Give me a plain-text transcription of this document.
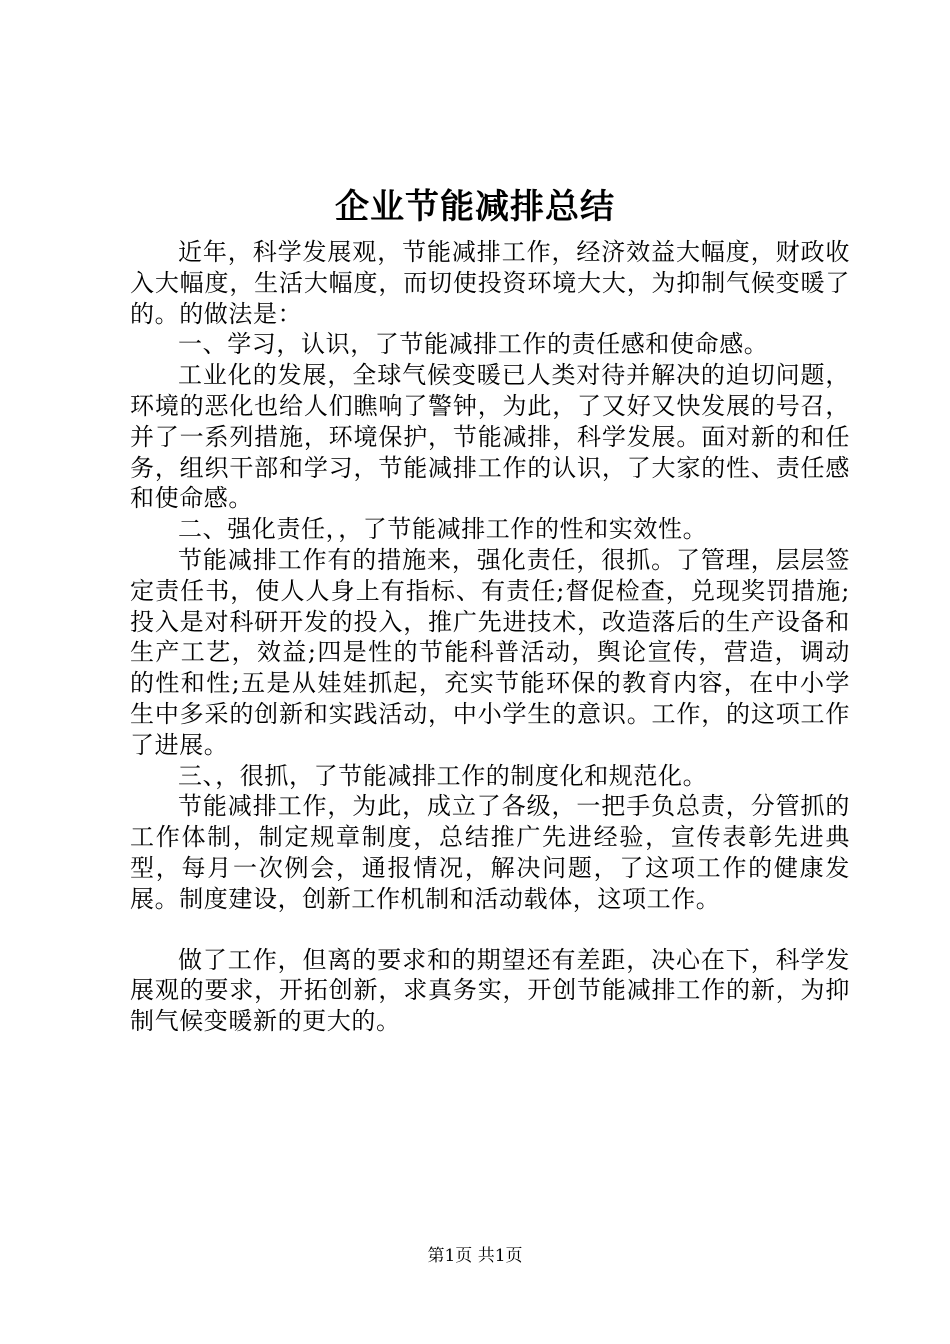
企业节能减排总结

近年，科学发展观，节能减排工作，经济效益大幅度，财政收入大幅度，生活大幅度，而切使投资环境大大，为抑制气候变暖了的。的做法是：

一、学习，认识，了节能减排工作的责任感和使命感。

工业化的发展，全球气候变暖已人类对待并解决的迫切问题，环境的恶化也给人们瞧响了警钟，为此，了又好又快发展的号召，并了一系列措施，环境保护，节能减排，科学发展。面对新的和任务，组织干部和学习，节能减排工作的认识，了大家的性、责任感和使命感。

二、强化责任，，了节能减排工作的性和实效性。

节能减排工作有的措施来，强化责任，很抓。了管理，层层签定责任书，使人人身上有指标、有责任;督促检查，兑现奖罚措施;投入是对科研开发的投入，推广先进技术，改造落后的生产设备和生产工艺，效益;四是性的节能科普活动，舆论宣传，营造，调动的性和性;五是从娃娃抓起，充实节能环保的教育内容，在中小学生中多采的创新和实践活动，中小学生的意识。工作，的这项工作了进展。

三、，很抓，了节能减排工作的制度化和规范化。

节能减排工作，为此，成立了各级，一把手负总责，分管抓的工作体制，制定规章制度，总结推广先进经验，宣传表彰先进典型，每月一次例会，通报情况，解决问题，了这项工作的健康发展。制度建设，创新工作机制和活动载体，这项工作。

做了工作，但离的要求和的期望还有差距，决心在下，科学发展观的要求，开拓创新，求真务实，开创节能减排工作的新，为抑制气候变暖新的更大的。

第1页 共1页
